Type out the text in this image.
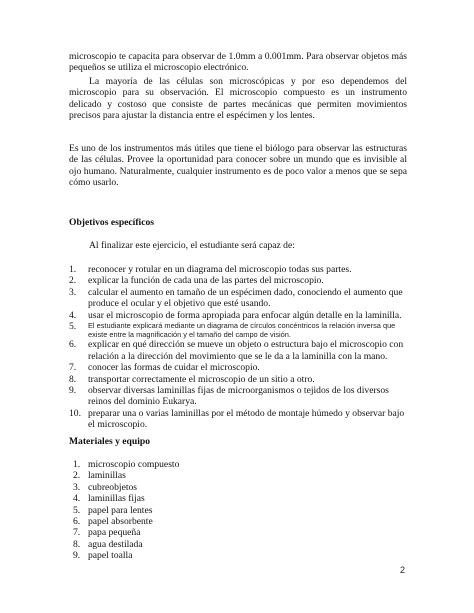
microscopio te capacita para observar de 1.0mm a 0.001mm. Para observar objetos más pequeños se utiliza el microscopio electrónico.

La mayoría de las células son microscópicas y por eso dependemos del microscopio para su observación. El microscopio compuesto es un instrumento delicado y costoso que consiste de partes mecánicas que permiten movimientos precisos para ajustar la distancia entre el espécimen y los lentes.

Es uno de los instrumentos más útiles que tiene el biólogo para observar las estructuras de las células. Provee la oportunidad para conocer sobre un mundo que es invisible al ojo humano. Naturalmente, cualquier instrumento es de poco valor a menos que se sepa cómo usarlo.

Objetivos específicos

Al finalizar este ejercicio, el estudiante será capaz de:

1. reconocer y rotular en un diagrama del microscopio todas sus partes.
2. explicar la función de cada una de las partes del microscopio.
3. calcular el aumento en tamaño de un espécimen dado, conociendo el aumento que produce el ocular y el objetivo que esté usando.
4. usar el microscopio de forma apropiada para enfocar algún detalle en la laminilla.
5. El estudiante explicará mediante un diagrama de círculos concéntricos la relación inversa que existe entre la magnificación y el tamaño del campo de visión.
6. explicar en qué dirección se mueve un objeto o estructura bajo el microscopio con relación a la dirección del movimiento que se le da a la laminilla con la mano.
7. conocer las formas de cuidar el microscopio.
8. transportar correctamente el microscopio de un sitio a otro.
9. observar diversas laminillas fijas de microorganismos o tejidos de los diversos reinos del dominio Eukarya.
10. preparar una o varias laminillas por el método de montaje húmedo y observar bajo el microscopio.

Materiales y equipo

1. microscopio compuesto
2. laminillas
3. cubreobjetos
4. laminillas fijas
5. papel para lentes
6. papel absorbente
7. papa pequeña
8. agua destilada
9. papel toalla
2
